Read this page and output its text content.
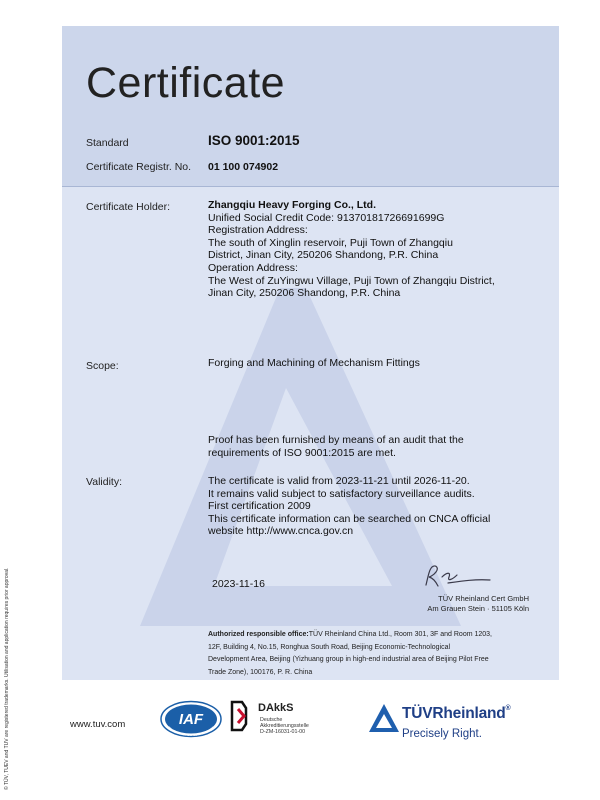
© TÜV, TUEV and TUV are registered trademarks. Utilisation and application requires prior approval.
Certificate
Standard	ISO 9001:2015
Certificate Registr. No. 01 100 074902
Certificate Holder:	Zhangqiu Heavy Forging Co., Ltd.
Unified Social Credit Code: 91370181726691699G
Registration Address:
The south of Xinglin reservoir, Puji Town of Zhangqiu
District, Jinan City, 250206 Shandong, P.R. China
Operation Address:
The West of ZuYingwu Village, Puji Town of Zhangqiu District,
Jinan City, 250206 Shandong, P.R. China
Scope:	Forging and Machining of Mechanism Fittings
Proof has been furnished by means of an audit that the
requirements of ISO 9001:2015 are met.
Validity:	The certificate is valid from 2023-11-21 until 2026-11-20.
It remains valid subject to satisfactory surveillance audits.
First certification 2009
This certificate information can be searched on CNCA official
website http://www.cnca.gov.cn
2023-11-16
TÜV Rheinland Cert GmbH
Am Grauen Stein · 51105 Köln
Authorized responsible office:TÜV Rheinland China Ltd., Room 301, 3F and Room 1203,
12F, Building 4, No.15, Ronghua South Road, Beijing Economic-Technological
Development Area, Beijing (Yizhuang group in high-end industrial area of Beijing Pilot Free
Trade Zone), 100176, P. R. China
www.tuv.com	IAF
ERNATIONAL ACCREDITATION FOR
DAkkS
Deutsche
Akkreditierungsstelle
D-ZM-16031-01-00
TÜVRheinland®
Precisely Right.
